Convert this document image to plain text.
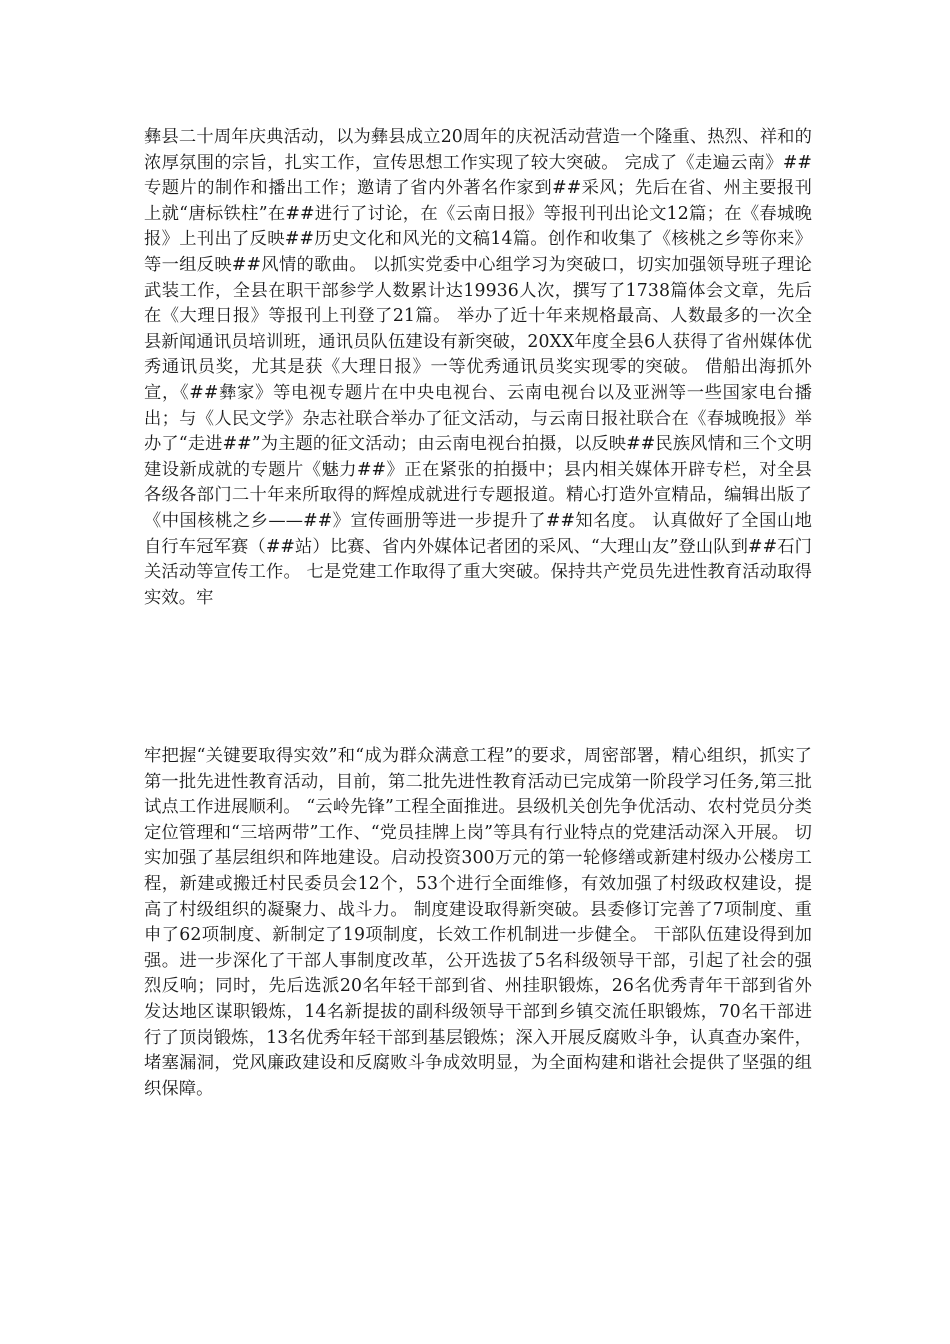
彝县二十周年庆典活动，以为彝县成立20周年的庆祝活动营造一个隆重、热烈、祥和的浓厚氛围的宗旨，扎实工作，宣传思想工作实现了较大突破。 完成了《走遍云南》##专题片的制作和播出工作；邀请了省内外著名作家到##采风；先后在省、州主要报刊上就“唐标铁柱”在##进行了讨论，在《云南日报》等报刊刊出论文12篇；在《春城晚报》上刊出了反映##历史文化和风光的文稿14篇。创作和收集了《核桃之乡等你来》等一组反映##风情的歌曲。 以抓实党委中心组学习为突破口，切实加强领导班子理论武装工作，全县在职干部参学人数累计达19936人次，撰写了1738篇体会文章，先后在《大理日报》等报刊上刊登了21篇。 举办了近十年来规格最高、人数最多的一次全县新闻通讯员培训班，通讯员队伍建设有新突破，20XX年度全县6人获得了省州媒体优秀通讯员奖，尤其是获《大理日报》一等优秀通讯员奖实现零的突破。 借船出海抓外宣，《##彝家》等电视专题片在中央电视台、云南电视台以及亚洲等一些国家电台播出；与《人民文学》杂志社联合举办了征文活动，与云南日报社联合在《春城晚报》举办了“走进##”为主题的征文活动；由云南电视台拍摄，以反映##民族风情和三个文明建设新成就的专题片《魅力##》正在紧张的拍摄中；县内相关媒体开辟专栏，对全县各级各部门二十年来所取得的辉煌成就进行专题报道。精心打造外宣精品，编辑出版了《中国核桃之乡——##》宣传画册等进一步提升了##知名度。 认真做好了全国山地自行车冠军赛（##站）比赛、省内外媒体记者团的采风、“大理山友”登山队到##石门关活动等宣传工作。 七是党建工作取得了重大突破。保持共产党员先进性教育活动取得实效。牢
牢把握“关键要取得实效”和“成为群众满意工程”的要求，周密部署，精心组织，抓实了第一批先进性教育活动，目前，第二批先进性教育活动已完成第一阶段学习任务,第三批试点工作进展顺利。 “云岭先锋”工程全面推进。县级机关创先争优活动、农村党员分类定位管理和“三培两带”工作、“党员挂牌上岗”等具有行业特点的党建活动深入开展。 切实加强了基层组织和阵地建设。启动投资300万元的第一轮修缮或新建村级办公楼房工程，新建或搬迁村民委员会12个，53个进行全面维修，有效加强了村级政权建设，提高了村级组织的凝聚力、战斗力。 制度建设取得新突破。县委修订完善了7项制度、重申了62项制度、新制定了19项制度，长效工作机制进一步健全。 干部队伍建设得到加强。进一步深化了干部人事制度改革，公开选拔了5名科级领导干部，引起了社会的强烈反响；同时，先后选派20名年轻干部到省、州挂职锻炼，26名优秀青年干部到省外发达地区谋职锻炼，14名新提拔的副科级领导干部到乡镇交流任职锻炼，70名干部进行了顶岗锻炼，13名优秀年轻干部到基层锻炼；深入开展反腐败斗争，认真查办案件，堵塞漏洞，党风廉政建设和反腐败斗争成效明显，为全面构建和谐社会提供了坚强的组织保障。
